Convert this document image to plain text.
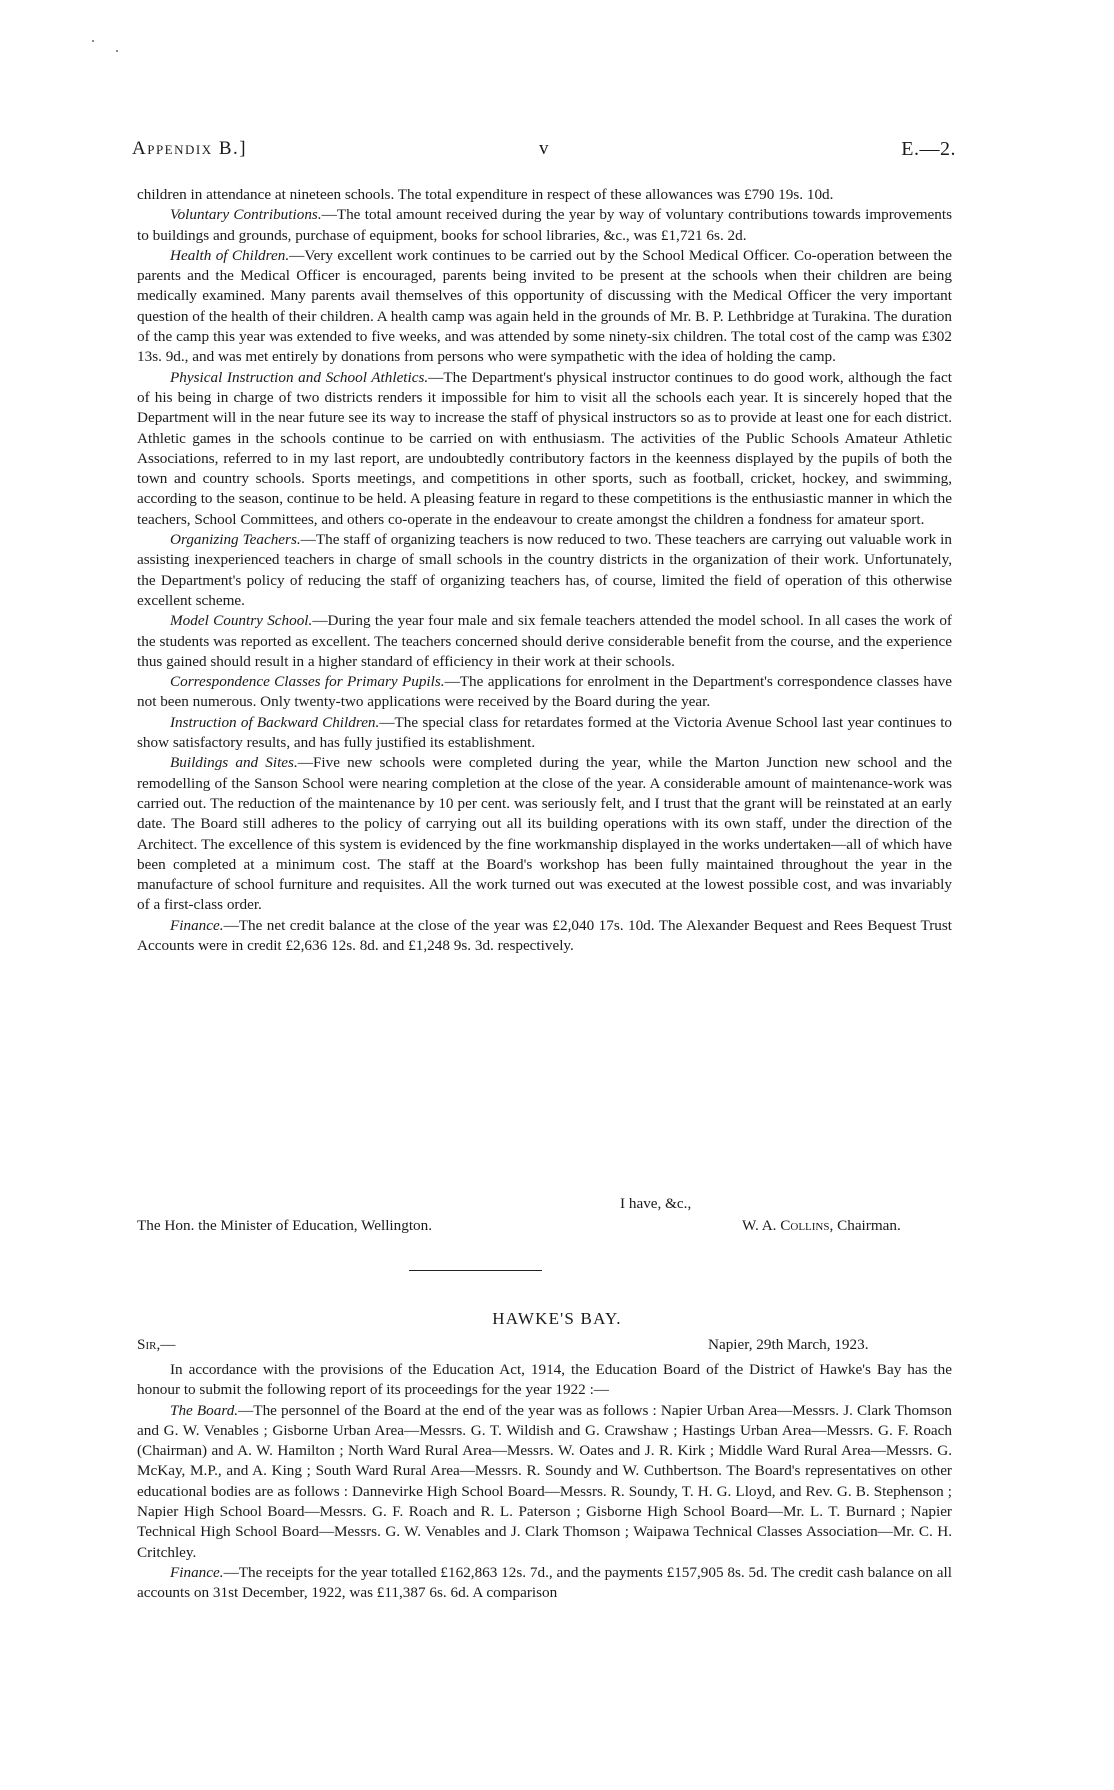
Appendix B.]	v	E.—2.

children in attendance at nineteen schools. The total expenditure in respect of these allowances was £790 19s. 10d.

Voluntary Contributions.—The total amount received during the year by way of voluntary contributions towards improvements to buildings and grounds, purchase of equipment, books for school libraries, &c., was £1,721 6s. 2d.

Health of Children.—Very excellent work continues to be carried out by the School Medical Officer. Co-operation between the parents and the Medical Officer is encouraged, parents being invited to be present at the schools when their children are being medically examined. Many parents avail themselves of this opportunity of discussing with the Medical Officer the very important question of the health of their children. A health camp was again held in the grounds of Mr. B. P. Lethbridge at Turakina. The duration of the camp this year was extended to five weeks, and was attended by some ninety-six children. The total cost of the camp was £302 13s. 9d., and was met entirely by donations from persons who were sympathetic with the idea of holding the camp.

Physical Instruction and School Athletics.—The Department's physical instructor continues to do good work, although the fact of his being in charge of two districts renders it impossible for him to visit all the schools each year. It is sincerely hoped that the Department will in the near future see its way to increase the staff of physical instructors so as to provide at least one for each district. Athletic games in the schools continue to be carried on with enthusiasm. The activities of the Public Schools Amateur Athletic Associations, referred to in my last report, are undoubtedly contributory factors in the keenness displayed by the pupils of both the town and country schools. Sports meetings, and competitions in other sports, such as football, cricket, hockey, and swimming, according to the season, continue to be held. A pleasing feature in regard to these competitions is the enthusiastic manner in which the teachers, School Committees, and others co-operate in the endeavour to create amongst the children a fondness for amateur sport.

Organizing Teachers.—The staff of organizing teachers is now reduced to two. These teachers are carrying out valuable work in assisting inexperienced teachers in charge of small schools in the country districts in the organization of their work. Unfortunately, the Department's policy of reducing the staff of organizing teachers has, of course, limited the field of operation of this otherwise excellent scheme.

Model Country School.—During the year four male and six female teachers attended the model school. In all cases the work of the students was reported as excellent. The teachers concerned should derive considerable benefit from the course, and the experience thus gained should result in a higher standard of efficiency in their work at their schools.

Correspondence Classes for Primary Pupils.—The applications for enrolment in the Department's correspondence classes have not been numerous. Only twenty-two applications were received by the Board during the year.

Instruction of Backward Children.—The special class for retardates formed at the Victoria Avenue School last year continues to show satisfactory results, and has fully justified its establishment.

Buildings and Sites.—Five new schools were completed during the year, while the Marton Junction new school and the remodelling of the Sanson School were nearing completion at the close of the year. A considerable amount of maintenance-work was carried out. The reduction of the maintenance by 10 per cent. was seriously felt, and I trust that the grant will be reinstated at an early date. The Board still adheres to the policy of carrying out all its building operations with its own staff, under the direction of the Architect. The excellence of this system is evidenced by the fine workmanship displayed in the works undertaken—all of which have been completed at a minimum cost. The staff at the Board's workshop has been fully maintained throughout the year in the manufacture of school furniture and requisites. All the work turned out was executed at the lowest possible cost, and was invariably of a first-class order.

Finance.—The net credit balance at the close of the year was £2,040 17s. 10d. The Alexander Bequest and Rees Bequest Trust Accounts were in credit £2,636 12s. 8d. and £1,248 9s. 3d. respectively.

I have, &c.,
The Hon. the Minister of Education, Wellington.	W. A. Collins, Chairman.
HAWKE'S BAY.
Sir,—	Napier, 29th March, 1923.

In accordance with the provisions of the Education Act, 1914, the Education Board of the District of Hawke's Bay has the honour to submit the following report of its proceedings for the year 1922 :—

The Board.—The personnel of the Board at the end of the year was as follows : Napier Urban Area—Messrs. J. Clark Thomson and G. W. Venables ; Gisborne Urban Area—Messrs. G. T. Wildish and G. Crawshaw ; Hastings Urban Area—Messrs. G. F. Roach (Chairman) and A. W. Hamilton ; North Ward Rural Area—Messrs. W. Oates and J. R. Kirk ; Middle Ward Rural Area—Messrs. G. McKay, M.P., and A. King ; South Ward Rural Area—Messrs. R. Soundy and W. Cuthbertson. The Board's representatives on other educational bodies are as follows : Dannevirke High School Board—Messrs. R. Soundy, T. H. G. Lloyd, and Rev. G. B. Stephenson ; Napier High School Board—Messrs. G. F. Roach and R. L. Paterson ; Gisborne High School Board—Mr. L. T. Burnard ; Napier Technical High School Board—Messrs. G. W. Venables and J. Clark Thomson ; Waipawa Technical Classes Association—Mr. C. H. Critchley.

Finance.—The receipts for the year totalled £162,863 12s. 7d., and the payments £157,905 8s. 5d. The credit cash balance on all accounts on 31st December, 1922, was £11,387 6s. 6d. A comparison
